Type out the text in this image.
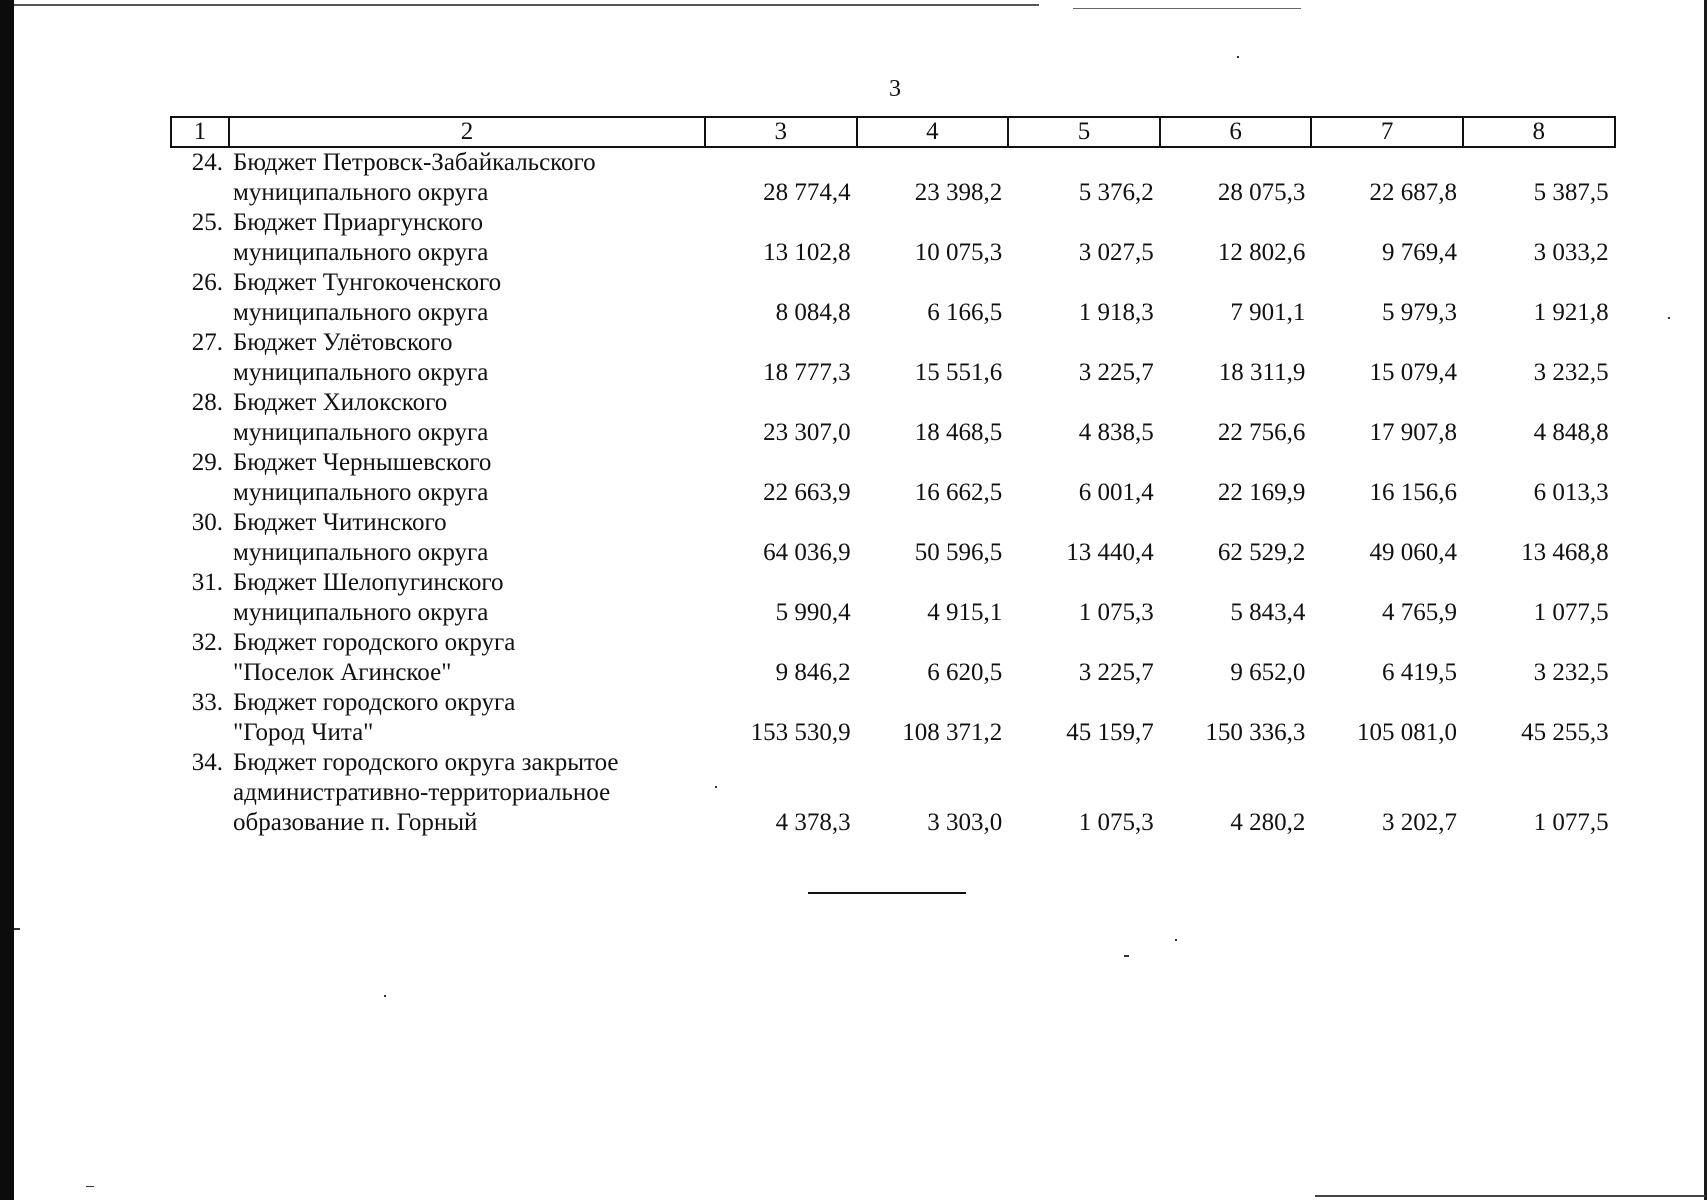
3
1	2	3	4	5	6	7	8
24.	Бюджет Петровск-Забайкальского
муниципального округа	28 774,4	23 398,2	5 376,2	28 075,3	22 687,8	5 387,5
25.	Бюджет Приаргунского
муниципального округа	13 102,8	10 075,3	3 027,5	12 802,6	9 769,4	3 033,2
26.	Бюджет Тунгокоченского
муниципального округа	8 084,8	6 166,5	1 918,3	7 901,1	5 979,3	1 921,8
27.	Бюджет Улётовского
муниципального округа	18 777,3	15 551,6	3 225,7	18 311,9	15 079,4	3 232,5
28.	Бюджет Хилокского
муниципального округа	23 307,0	18 468,5	4 838,5	22 756,6	17 907,8	4 848,8
29.	Бюджет Чернышевского
муниципального округа	22 663,9	16 662,5	6 001,4	22 169,9	16 156,6	6 013,3
30.	Бюджет Читинского
муниципального округа	64 036,9	50 596,5	13 440,4	62 529,2	49 060,4	13 468,8
31.	Бюджет Шелопугинского
муниципального округа	5 990,4	4 915,1	1 075,3	5 843,4	4 765,9	1 077,5
32.	Бюджет городского округа
"Поселок Агинское"	9 846,2	6 620,5	3 225,7	9 652,0	6 419,5	3 232,5
33.	Бюджет городского округа
"Город Чита"	153 530,9	108 371,2	45 159,7	150 336,3	105 081,0	45 255,3
34.	Бюджет городского округа закрытое
административно-территориальное
образование п. Горный	4 378,3	3 303,0	1 075,3	4 280,2	3 202,7	1 077,5
